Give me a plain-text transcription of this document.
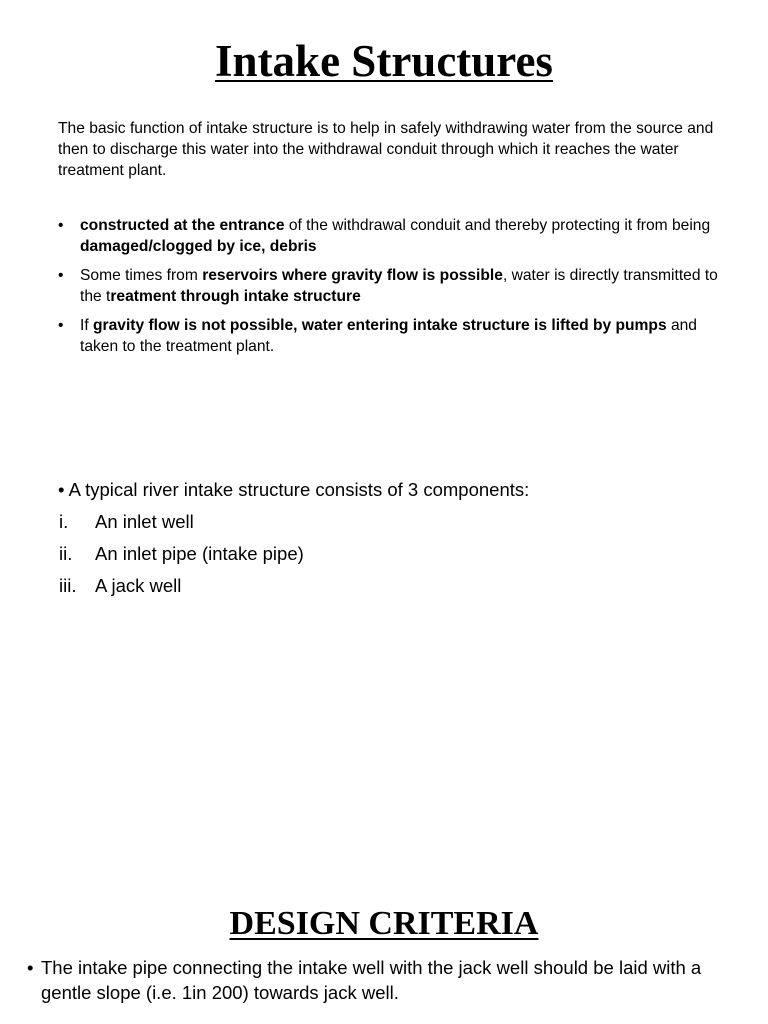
Intake Structures

The basic function of intake structure is to help in safely withdrawing water from the source and then to discharge this water into the withdrawal conduit through which it reaches the water treatment plant.

• constructed at the entrance of the withdrawal conduit and thereby protecting it from being damaged/clogged by ice, debris
• Some times from reservoirs where gravity flow is possible, water is directly transmitted to the treatment through intake structure
• If gravity flow is not possible, water entering intake structure is lifted by pumps and taken to the treatment plant.

• A typical river intake structure consists of 3 components:

i. An inlet well
ii. An inlet pipe (intake pipe)
iii. A jack well
DESIGN CRITERIA

• The intake pipe connecting the intake well with the jack well should be laid with a gentle slope (i.e. 1in 200) towards jack well.
